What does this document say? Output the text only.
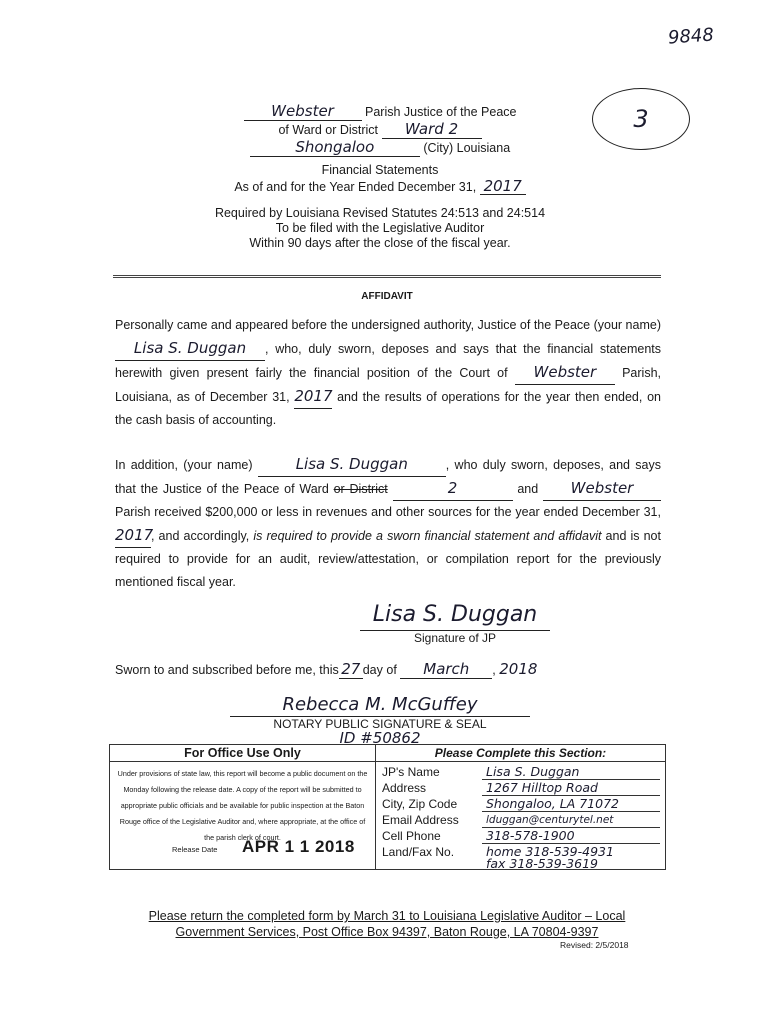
9848
3
Webster Parish Justice of the Peace
of Ward or District Ward 2
Shongaloo	(City) Louisiana
Financial Statements
As of and for the Year Ended December 31, 2017
Required by Louisiana Revised Statutes 24:513 and 24:514
To be filed with the Legislative Auditor
Within 90 days after the close of the fiscal year.
AFFIDAVIT
Personally came and appeared before the undersigned authority, Justice of the Peace (your name) Lisa S. Duggan , who, duly sworn, deposes and says that the financial statements herewith given present fairly the financial position of the Court of Webster Parish, Louisiana, as of December 31, 2017 and the results of operations for the year then ended, on the cash basis of accounting.
In addition, (your name)	Lisa S. Duggan	, who duly sworn, deposes, and says that the Justice of the Peace of Ward or District	2	and Webster Parish received $200,000 or less in revenues and other sources for the year ended December 31, 2017, and accordingly, is required to provide a sworn financial statement and affidavit and is not required to provide for an audit, review/attestation, or compilation report for the previously mentioned fiscal year.
Lisa S. Duggan
Signature of JP
Sworn to and subscribed before me, this 27 day of March , 2018
Rebecca M. McGuffey
NOTARY PUBLIC SIGNATURE & SEAL
ID #50862
For Office Use Only
Under provisions of state law, this report will become a public document on the Monday following the release date. A copy of the report will be submitted to appropriate public officials and be available for public inspection at the Baton Rouge office of the Legislative Auditor and, where appropriate, at the office of the parish clerk of court.
Release Date APR 1 1 2018
Please Complete this Section:
JP's Name	Lisa S. Duggan
Address	1267 Hilltop Road
City, Zip Code	Shongaloo, LA 71072
Email Address	lduggan@centurytel.net
Cell Phone	318-578-1900
Land/Fax No.	home 318-539-4931
fax 318-539-3619
Please return the completed form by March 31 to Louisiana Legislative Auditor – Local Government Services, Post Office Box 94397, Baton Rouge, LA 70804-9397
Revised: 2/5/2018
